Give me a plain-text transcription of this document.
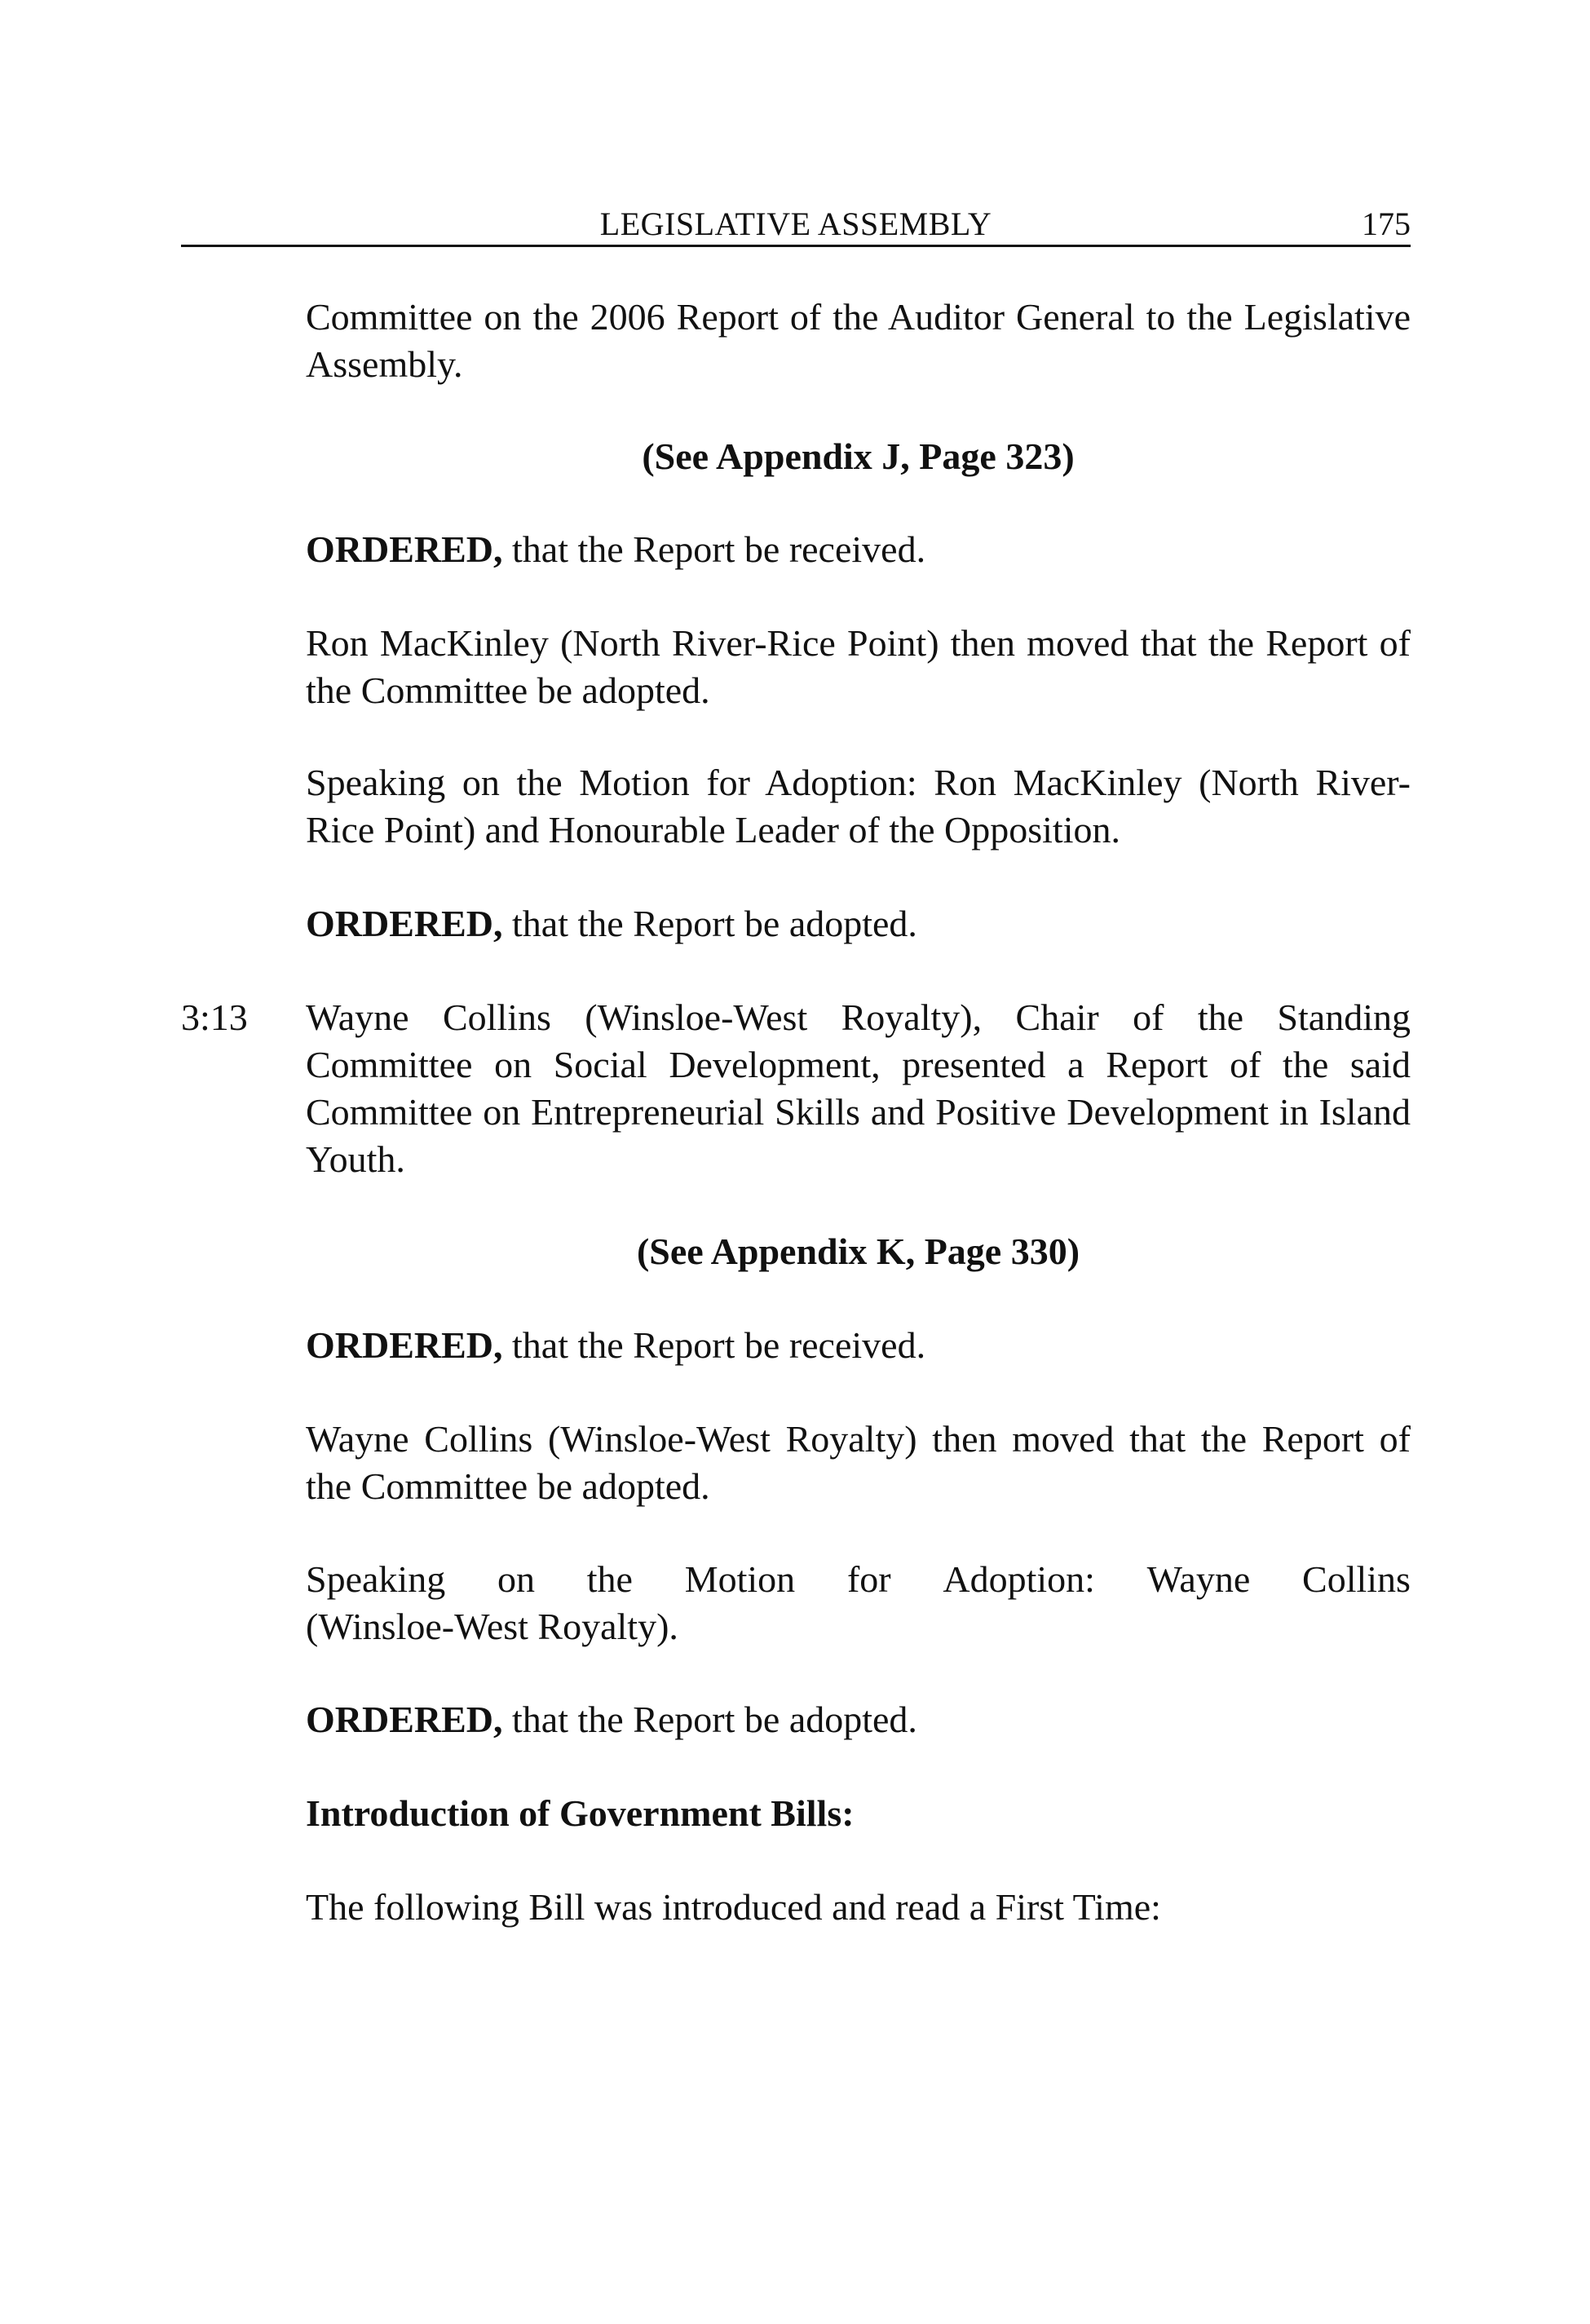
LEGISLATIVE ASSEMBLY	175
Committee on the 2006 Report of the Auditor General to the Legislative Assembly.
(See Appendix J, Page 323)
ORDERED, that the Report be received.
Ron MacKinley (North River-Rice Point) then moved that the Report of the Committee be adopted.
Speaking on the Motion for Adoption: Ron MacKinley (North River-Rice Point) and Honourable Leader of the Opposition.
ORDERED, that the Report be adopted.
3:13 Wayne Collins (Winsloe-West Royalty), Chair of the Standing Committee on Social Development, presented a Report of the said Committee on Entrepreneurial Skills and Positive Development in Island Youth.
(See Appendix K, Page 330)
ORDERED, that the Report be received.
Wayne Collins (Winsloe-West Royalty) then moved that the Report of the Committee be adopted.
Speaking on the Motion for Adoption: Wayne Collins
(Winsloe-West Royalty).
ORDERED, that the Report be adopted.
Introduction of Government Bills:
The following Bill was introduced and read a First Time:
